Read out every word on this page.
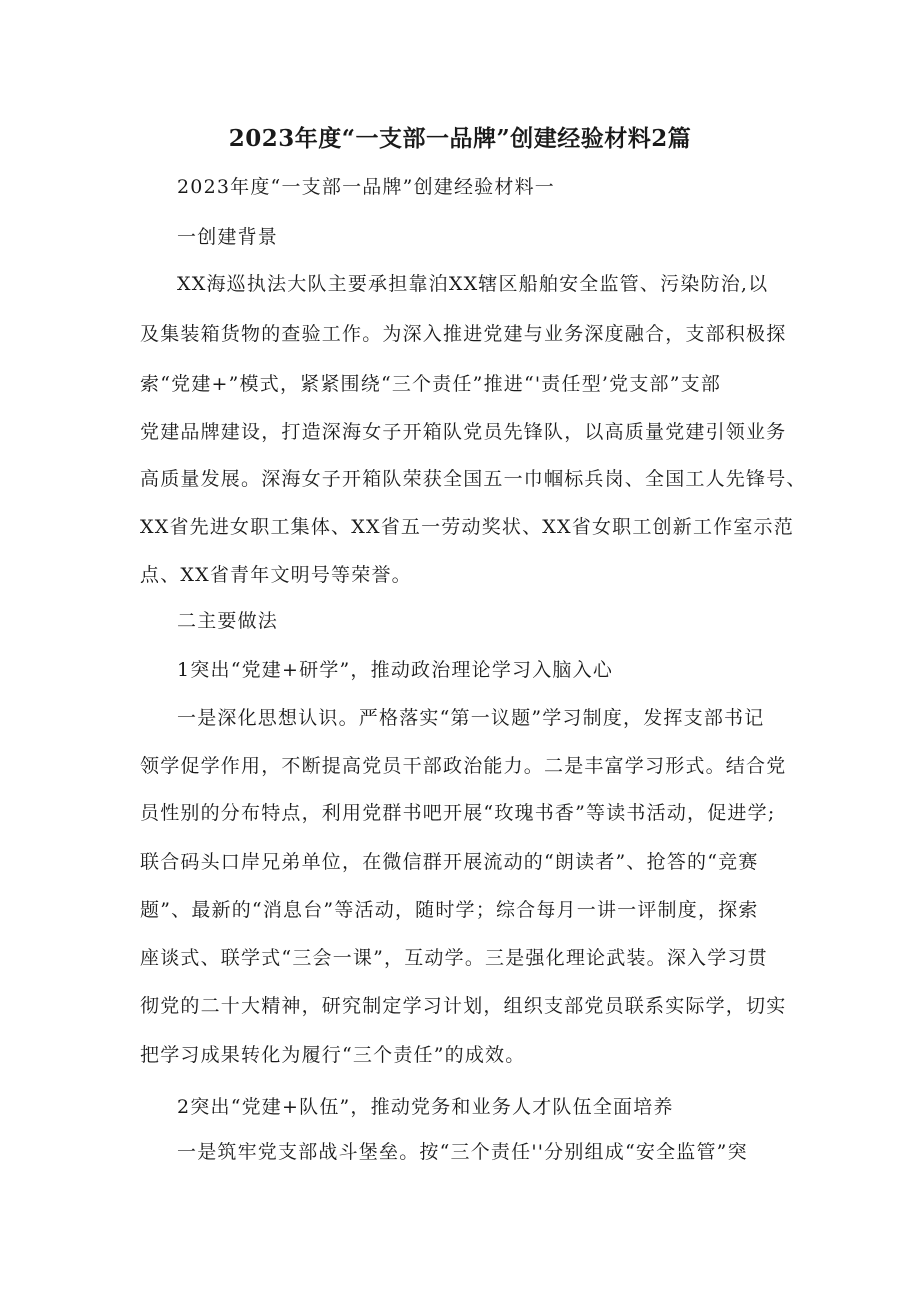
2023年度“一支部一品牌”创建经验材料2篇
2023年度“一支部一品牌”创建经验材料一
一创建背景
XX海巡执法大队主要承担靠泊XX辖区船舶安全监管、污染防治,以
及集装箱货物的查验工作。为深入推进党建与业务深度融合，支部积极探
索“党建+”模式，紧紧围绕“三个责任”推进“'责任型’党支部”支部
党建品牌建设，打造深海女子开箱队党员先锋队，以高质量党建引领业务
高质量发展。深海女子开箱队荣获全国五一巾帼标兵岗、全国工人先锋号、
XX省先进女职工集体、XX省五一劳动奖状、XX省女职工创新工作室示范
点、XX省青年文明号等荣誉。
二主要做法
1突出“党建+研学”，推动政治理论学习入脑入心
一是深化思想认识。严格落实“第一议题”学习制度，发挥支部书记
领学促学作用，不断提高党员干部政治能力。二是丰富学习形式。结合党
员性别的分布特点，利用党群书吧开展“玫瑰书香”等读书活动，促进学;
联合码头口岸兄弟单位，在微信群开展流动的“朗读者”、抢答的“竞赛
题”、最新的“消息台”等活动，随时学；综合每月一讲一评制度，探索
座谈式、联学式“三会一课”，互动学。三是强化理论武装。深入学习贯
彻党的二十大精神，研究制定学习计划，组织支部党员联系实际学，切实
把学习成果转化为履行“三个责任”的成效。
2突出“党建+队伍”，推动党务和业务人才队伍全面培养
一是筑牢党支部战斗堡垒。按“三个责任''分别组成“安全监管”突
